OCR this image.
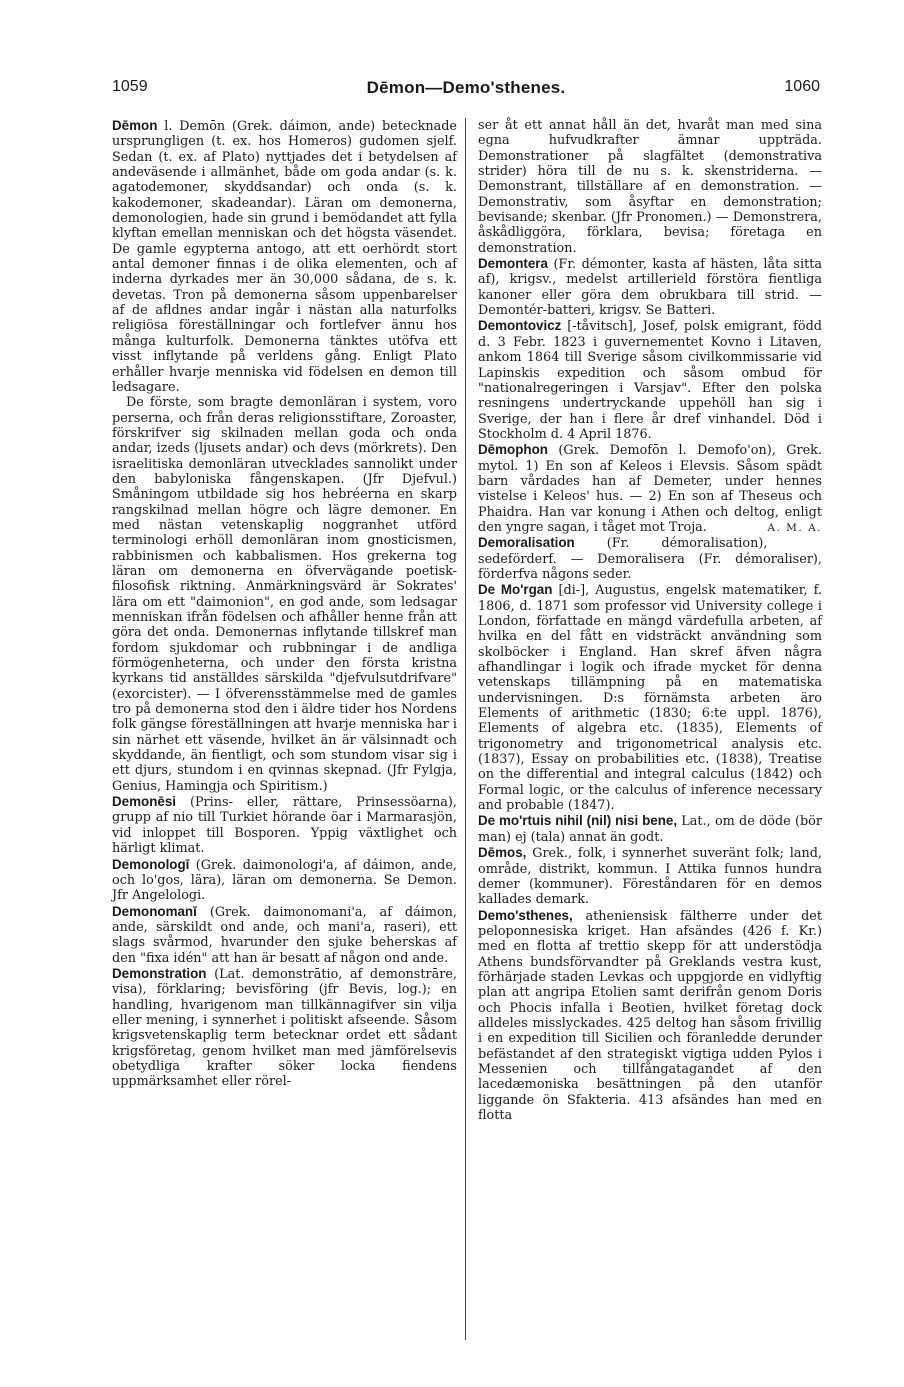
1059	Dēmon—Demo'sthenes.	1060

Dēmon l. Demōn (Grek. dáimon, ande) betecknade ursprungligen (t. ex. hos Homeros) gudomen sjelf. Sedan (t. ex. af Plato) nyttjades det i betydelsen af andeväsende i allmänhet, både om goda andar (s. k. agatodemoner, skyddsandar) och onda (s. k. kakodemoner, skadeandar). Läran om demonerna, demonologien, hade sin grund i bemödandet att fylla klyftan emellan menniskan och det högsta väsendet. De gamle egypterna antogo, att ett oerhördt stort antal demoner finnas i de olika elementen, och af inderna dyrkades mer än 30,000 sådana, de s. k. devetas. Tron på demonerna såsom uppenbarelser af de afldnes andar ingår i nästan alla naturfolks religiösa föreställningar och fortlefver ännu hos många kulturfolk. Demonerna tänktes utöfva ett visst inflytande på verldens gång. Enligt Plato erhåller hvarje menniska vid födelsen en demon till ledsagare.

De förste, som bragte demonläran i system, voro perserna, och från deras religionsstiftare, Zoroaster, förskrifver sig skilnaden mellan goda och onda andar, izeds (ljusets andar) och devs (mörkrets). Den israelitiska demonläran utvecklades sannolikt under den babyloniska fångenskapen. (Jfr Djefvul.) Småningom utbildade sig hos hebréerna en skarp rangskilnad mellan högre och lägre demoner. En med nästan vetenskaplig noggranhet utförd terminologi erhöll demonläran inom gnosticismen, rabbinismen och kabbalismen. Hos grekerna tog läran om demonerna en öfvervägande poetisk-filosofisk riktning. Anmärkningsvärd är Sokrates' lära om ett "daimonion", en god ande, som ledsagar menniskan ifrån födelsen och afhåller henne från att göra det onda. Demonernas inflytande tillskref man fordom sjukdomar och rubbningar i de andliga förmögenheterna, och under den första kristna kyrkans tid anställdes särskilda "djefvulsutdrifvare" (exorcister). — I öfverensstämmelse med de gamles tro på demonerna stod den i äldre tider hos Nordens folk gängse föreställningen att hvarje menniska har i sin närhet ett väsende, hvilket än är välsinnadt och skyddande, än fientligt, och som stundom visar sig i ett djurs, stundom i en qvinnas skepnad. (Jfr Fylgja, Genius, Hamingja och Spiritism.)

Demonēsi (Prins- eller, rättare, Prinsessöarna), grupp af nio till Turkiet hörande öar i Marmarasjön, vid inloppet till Bosporen. Yppig växtlighet och härligt klimat.

Demonologī (Grek. daimonologi'a, af dáimon, ande, och lo'gos, lära), läran om demonerna. Se Demon. Jfr Angelologi.

Demonomanī (Grek. daimonomani'a, af dáimon, ande, särskildt ond ande, och mani'a, raseri), ett slags svårmod, hvarunder den sjuke beherskas af den "fixa idén" att han är besatt af någon ond ande.

Demonstration (Lat. demonstrātio, af demonstrāre, visa), förklaring; bevisföring (jfr Bevis, log.); en handling, hvarigenom man tillkännagifver sin vilja eller mening, i synnerhet i politiskt afseende. Såsom krigsvetenskaplig term betecknar ordet ett sådant krigsföretag, genom hvilket man med jämförelsevis obetydliga krafter söker locka fiendens uppmärksamhet eller rörel-

ser åt ett annat håll än det, hvaråt man med sina egna hufvudkrafter ämnar uppträda. Demonstrationer på slagfältet (demonstrativa strider) höra till de nu s. k. skenstriderna. — Demonstrant, tillställare af en demonstration. — Demonstrativ, som åsyftar en demonstration; bevisande; skenbar. (Jfr Pronomen.) — Demonstrera, åskådliggöra, förklara, bevisa; företaga en demonstration.

Demontera (Fr. démonter, kasta af hästen, låta sitta af), krigsv., medelst artillerield förstöra fientliga kanoner eller göra dem obrukbara till strid. — Demontér-batteri, krigsv. Se Batteri.

Demontovicz [-tåvitsch], Josef, polsk emigrant, född d. 3 Febr. 1823 i guvernementet Kovno i Litaven, ankom 1864 till Sverige såsom civilkommissarie vid Lapinskis expedition och såsom ombud för "nationalregeringen i Varsjav". Efter den polska resningens undertryckande uppehöll han sig i Sverige, der han i flere år dref vinhandel. Död i Stockholm d. 4 April 1876.

Dēmophon (Grek. Demofōn l. Demofo'on), Grek. mytol. 1) En son af Keleos i Elevsis. Såsom spädt barn vårdades han af Demeter, under hennes vistelse i Keleos' hus. — 2) En son af Theseus och Phaidra. Han var konung i Athen och deltog, enligt den yngre sagan, i tåget mot Troja.	A. M. A.

Demoralisation (Fr. démoralisation), sedeförderf. — Demoralisera (Fr. démoraliser), förderfva någons seder.

De Mo'rgan [di-], Augustus, engelsk matematiker, f. 1806, d. 1871 som professor vid University college i London, författade en mängd värdefulla arbeten, af hvilka en del fått en vidsträckt användning som skolböcker i England. Han skref äfven några afhandlingar i logik och ifrade mycket för denna vetenskaps tillämpning på en matematiska undervisningen. D:s förnämsta arbeten äro Elements of arithmetic (1830; 6:te uppl. 1876), Elements of algebra etc. (1835), Elements of trigonometry and trigonometrical analysis etc. (1837), Essay on probabilities etc. (1838), Treatise on the differential and integral calculus (1842) och Formal logic, or the calculus of inference necessary and probable (1847).

De mo'rtuis nihil (nil) nisi bene, Lat., om de döde (bör man) ej (tala) annat än godt.

Dēmos, Grek., folk, i synnerhet suveränt folk; land, område, distrikt, kommun. I Attika funnos hundra demer (kommuner). Föreståndaren för en demos kallades demark.

Demo'sthenes, atheniensisk fältherre under det peloponnesiska kriget. Han afsändes (426 f. Kr.) med en flotta af trettio skepp för att understödja Athens bundsförvandter på Greklands vestra kust, förhärjade staden Levkas och uppgjorde en vidlyftig plan att angripa Etolien samt derifrån genom Doris och Phocis infalla i Beotien, hvilket företag dock alldeles misslyckades. 425 deltog han såsom frivillig i en expedition till Sicilien och föranledde derunder befästandet af den strategiskt vigtiga udden Pylos i Messenien och tillfångatagandet af den lacedæmoniska besättningen på den utanför liggande ön Sfakteria. 413 afsändes han med en flotta
